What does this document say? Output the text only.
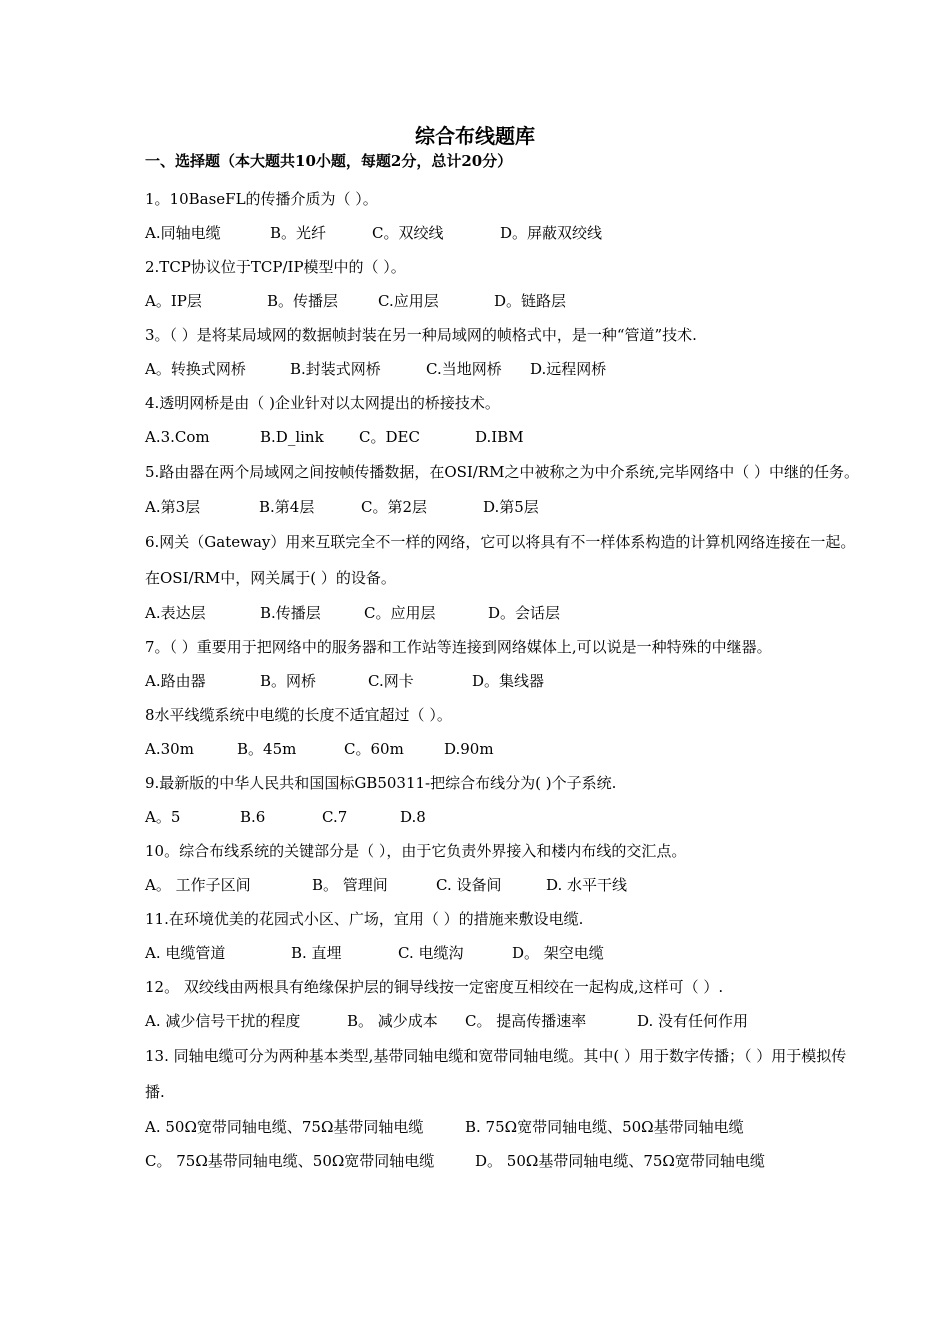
综合布线题库
一、选择题（本大题共10小题，每题2分，总计20分）
1。10BaseFL的传播介质为（ ）。
A.同轴电缆	B。光纤	C。双绞线	D。屏蔽双绞线
2.TCP协议位于TCP/IP模型中的（ ）。
A。IP层	B。传播层	C.应用层	D。链路层
3。（ ）是将某局域网的数据帧封装在另一种局域网的帧格式中，是一种“管道”技术.
A。转换式网桥	B.封装式网桥	C.当地网桥	D.远程网桥
4.透明网桥是由（ )企业针对以太网提出的桥接技术。
A.3.Com	B.D_link	C。DEC	D.IBM
5.路由器在两个局域网之间按帧传播数据，在OSI/RM之中被称之为中介系统,完毕网络中（ ）中继的任务。
A.第3层	B.第4层	C。第2层	D.第5层
6.网关（Gateway）用来互联完全不一样的网络，它可以将具有不一样体系构造的计算机网络连接在一起。在OSI/RM中，网关属于( ）的设备。
A.表达层	B.传播层	C。应用层	D。会话层
7。（ ）重要用于把网络中的服务器和工作站等连接到网络媒体上,可以说是一种特殊的中继器。
A.路由器	B。网桥	C.网卡	D。集线器
8水平线缆系统中电缆的长度不适宜超过（ ）。
A.30m	B。45m	C。60m	D.90m
9.最新版的中华人民共和国国标GB50311-把综合布线分为( )个子系统.
A。5	B.6	C.7	D.8
10。综合布线系统的关键部分是（ ），由于它负责外界接入和楼内布线的交汇点。
A。 工作子区间	B。 管理间	C. 设备间	D. 水平干线
11.在环境优美的花园式小区、广场，宜用（ ）的措施来敷设电缆.
A. 电缆管道	B. 直埋	C. 电缆沟	D。 架空电缆
12。 双绞线由两根具有绝缘保护层的铜导线按一定密度互相绞在一起构成,这样可（ ）.
A. 减少信号干扰的程度	B。 减少成本	C。 提高传播速率	D. 没有任何作用
13. 同轴电缆可分为两种基本类型,基带同轴电缆和宽带同轴电缆。其中( ）用于数字传播；（ ）用于模拟传播.
A. 50Ω宽带同轴电缆、75Ω基带同轴电缆	B. 75Ω宽带同轴电缆、50Ω基带同轴电缆
C。 75Ω基带同轴电缆、50Ω宽带同轴电缆	D。 50Ω基带同轴电缆、75Ω宽带同轴电缆
